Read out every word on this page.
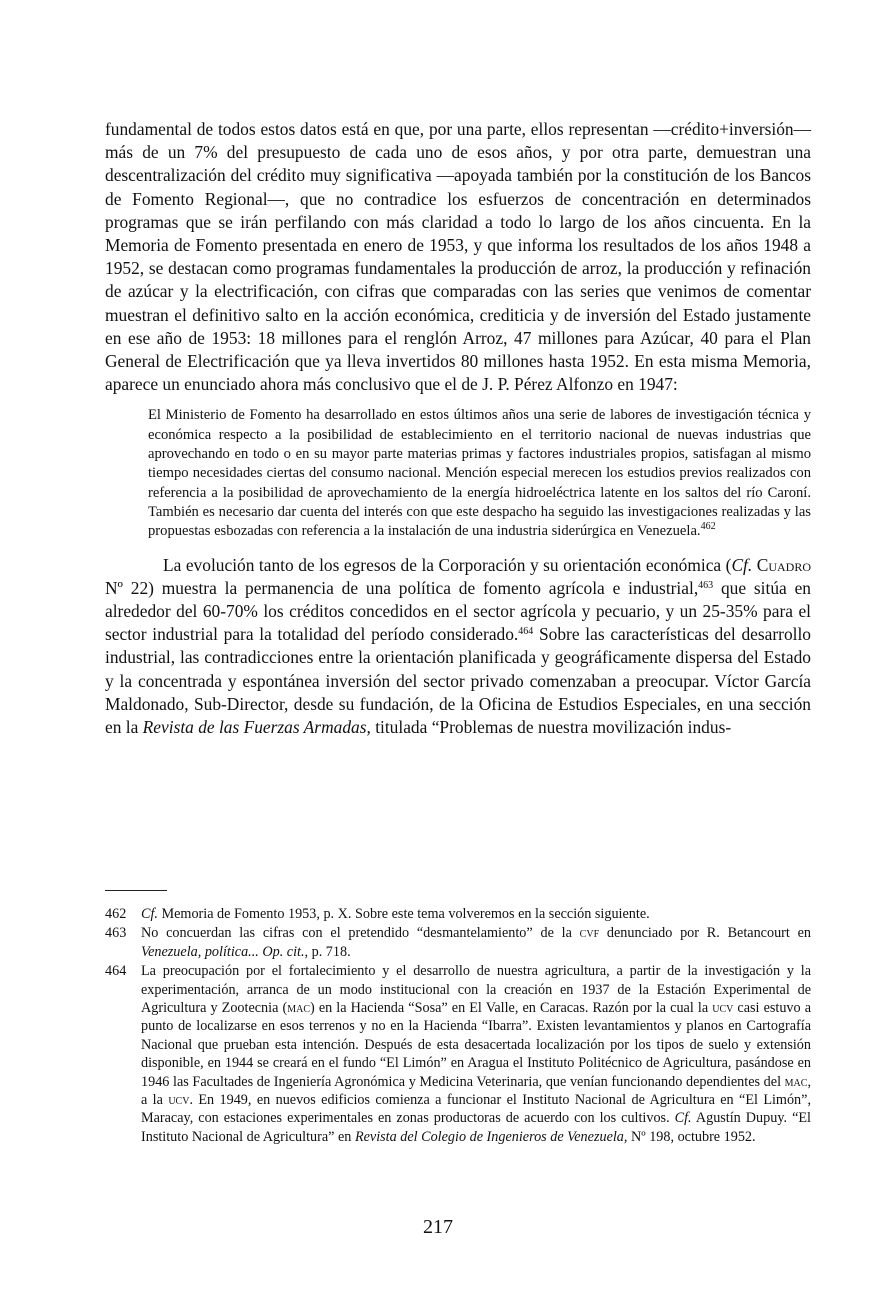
fundamental de todos estos datos está en que, por una parte, ellos representan —crédito+inversión— más de un 7% del presupuesto de cada uno de esos años, y por otra parte, demuestran una descentralización del crédito muy significativa —apoyada también por la constitución de los Bancos de Fomento Regional—, que no contradice los esfuerzos de concentración en determinados programas que se irán perfilando con más claridad a todo lo largo de los años cincuenta. En la Memoria de Fomento presentada en enero de 1953, y que informa los resultados de los años 1948 a 1952, se destacan como programas fundamentales la producción de arroz, la producción y refinación de azúcar y la electrificación, con cifras que comparadas con las series que venimos de comentar muestran el definitivo salto en la acción económica, crediticia y de inversión del Estado justamente en ese año de 1953: 18 millones para el renglón Arroz, 47 millones para Azúcar, 40 para el Plan General de Electrificación que ya lleva invertidos 80 millones hasta 1952. En esta misma Memoria, aparece un enunciado ahora más conclusivo que el de J. P. Pérez Alfonzo en 1947:

El Ministerio de Fomento ha desarrollado en estos últimos años una serie de labores de investigación técnica y económica respecto a la posibilidad de establecimiento en el territorio nacional de nuevas industrias que aprovechando en todo o en su mayor parte materias primas y factores industriales propios, satisfagan al mismo tiempo necesidades ciertas del consumo nacional. Mención especial merecen los estudios previos realizados con referencia a la posibilidad de aprovechamiento de la energía hidroeléctrica latente en los saltos del río Caroní. También es necesario dar cuenta del interés con que este despacho ha seguido las investigaciones realizadas y las propuestas esbozadas con referencia a la instalación de una industria siderúrgica en Venezuela.$^{462}$

La evolución tanto de los egresos de la Corporación y su orientación económica (Cf. Cuadro Nº 22) muestra la permanencia de una política de fomento agrícola e industrial,$^{463}$ que sitúa en alrededor del 60-70% los créditos concedidos en el sector agrícola y pecuario, y un 25-35% para el sector industrial para la totalidad del período considerado.$^{464}$ Sobre las características del desarrollo industrial, las contradicciones entre la orientación planificada y geográficamente dispersa del Estado y la concentrada y espontánea inversión del sector privado comenzaban a preocupar. Víctor García Maldonado, Sub-Director, desde su fundación, de la Oficina de Estudios Especiales, en una sección en la Revista de las Fuerzas Armadas, titulada “Problemas de nuestra movilización indus-

462	Cf. Memoria de Fomento 1953, p. X. Sobre este tema volveremos en la sección siguiente.
463	No concuerdan las cifras con el pretendido “desmantelamiento” de la cvf denunciado por R. Betancourt en Venezuela, política... Op. cit., p. 718.
464	La preocupación por el fortalecimiento y el desarrollo de nuestra agricultura, a partir de la investigación y la experimentación, arranca de un modo institucional con la creación en 1937 de la Estación Experimental de Agricultura y Zootecnia (mac) en la Hacienda “Sosa” en El Valle, en Caracas. Razón por la cual la ucv casi estuvo a punto de localizarse en esos terrenos y no en la Hacienda “Ibarra”. Existen levantamientos y planos en Cartografía Nacional que prueban esta intención. Después de esta desacertada localización por los tipos de suelo y extensión disponible, en 1944 se creará en el fundo “El Limón” en Aragua el Instituto Politécnico de Agricultura, pasándose en 1946 las Facultades de Ingeniería Agronómica y Medicina Veterinaria, que venían funcionando dependientes del mac, a la ucv. En 1949, en nuevos edificios comienza a funcionar el Instituto Nacional de Agricultura en “El Limón”, Maracay, con estaciones experimentales en zonas productoras de acuerdo con los cultivos. Cf. Agustín Dupuy. “El Instituto Nacional de Agricultura” en Revista del Colegio de Ingenieros de Venezuela, Nº 198, octubre 1952.
217
